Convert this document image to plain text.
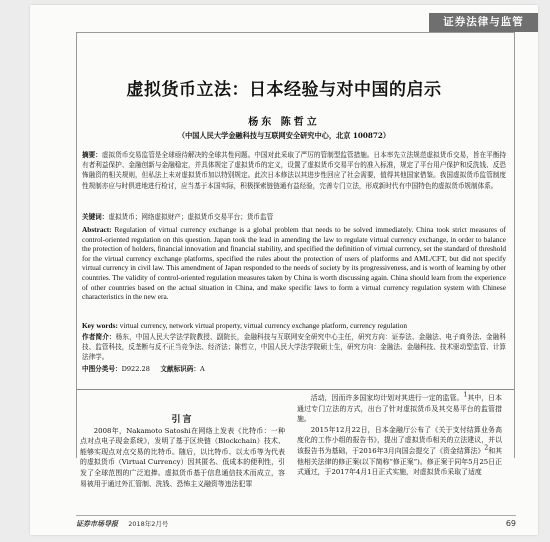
证券法律与监管
虚拟货币立法：日本经验与对中国的启示
杨东 陈哲立
（中国人民大学金融科技与互联网安全研究中心，北京 100872）
摘要：虚拟货币交易监管是全球亟待解决的全球共性问题。中国对此采取了严厉的管制型监管措施。日本率先立法规范虚拟货币交易，旨在平衡持有者利益保护、金融创新与金融稳定，并具体规定了虚拟货币的定义，设置了虚拟货币交易平台的准入标准，规定了平台用户保护和反洗钱、反恐怖融资的相关规则，但私法上未对虚拟货币加以特别规定。此次日本修法以其进步性回应了社会需要，值得其他国家借鉴。我国虚拟货币监管制度性规制亦应与时俱进地进行检讨，应当基于本国实际，积极探索链链通有益经验，完善专门立法，形成新时代有中国特色的虚拟货币规制体系。
关键词：虚拟货币；网络虚拟财产；虚拟货币交易平台；货币监管
Abstract: Regulation of virtual currency exchange is a global problem that needs to be solved immediately. China took strict measures of control-oriented regulation on this question. Japan took the lead in amending the law to regulate virtual currency exchange, in order to balance the protection of holders, financial innovation and financial stability, and specified the definition of virtual currency, set the standard of threshold for the virtual currency exchange platforms, specified the rules about the protection of users of platforms and AML/CFT, but did not specify virtual currency in civil law. This amendment of Japan responded to the needs of society by its progressiveness, and is worth of learning by other countries. The validity of control-oriented regulation measures taken by China is worth discussing again. China should learn from the experience of other countries based on the actual situation in China, and make specific laws to form a virtual currency regulation system with Chinese characteristics in the new era.
Key words: virtual currency, network virtual property, virtual currency exchange platform, currency regulation
作者简介：杨东，中国人民大学法学院教授、副院长，金融科技与互联网安全研究中心主任，研究方向：证券法、金融法、电子商务法、金融科技、监管科技，反垄断与反不正当竞争法、经济法；陈哲立，中国人民大学法学院硕士生，研究方向：金融法、金融科技、技术驱动型监管、计算法律学。
中图分类号：D922.28 文献标识码：A

引言

2008年，Nakamoto Satoshi在网络上发表《比特币：一种点对点电子现金系统》，发明了基于区块链（Blockchain）技术、能够实现点对点交易的比特币。随后，以比特币、以太币等为代表的虚拟货币（Virtual Currency）因其匿名、低成本的便利性，引发了全球范围的广泛追捧。虚拟货币基于信息通信技术而成立，容易被用于通过外汇管制、洗钱、恐怖主义融资等违法犯罪

活动，因而许多国家均计划对其进行一定的监管。$^1$其中，日本通过专门立法的方式，出台了针对虚拟货币及其交易平台的监管措施。

2015年12月22日，日本金融厅公布了《关于支付结算业务高度化的工作小组的报告书》，提出了虚拟货币相关的立法建议，并以该报告书为基础，于2016年3月向国会提交了《资金结算法》$^2$和其他相关法律的修正案(以下简称“修正案”)。修正案于同年5月25日正式通过，于2017年4月1日正式实施，对虚拟货币采取了适度

证券市场导报 2018年2月号	69
